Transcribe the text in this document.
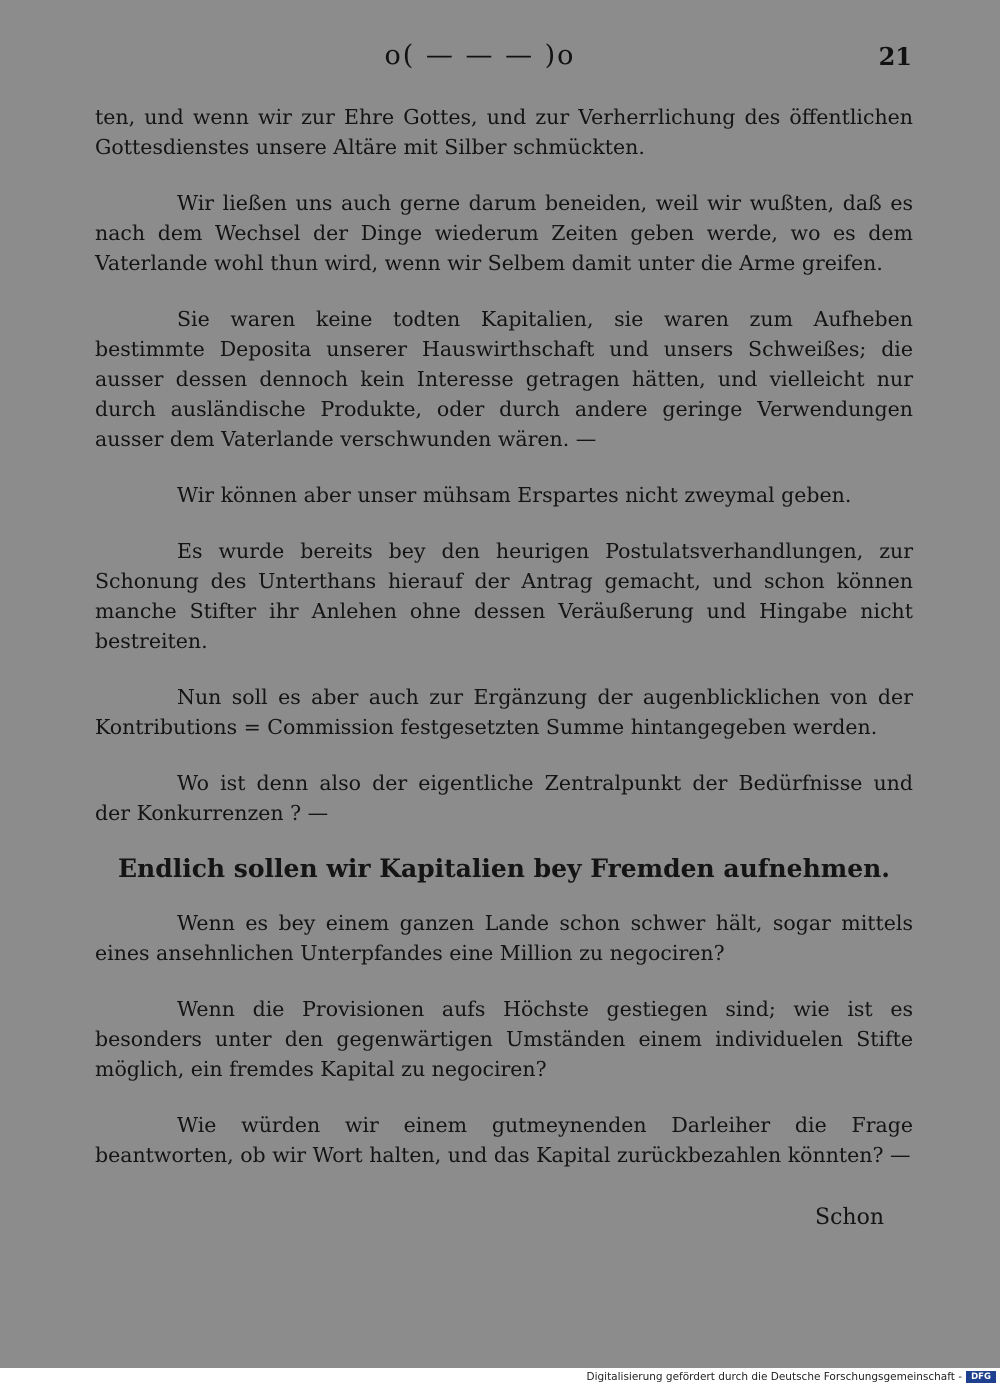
o( — — — )o	21

ten, und wenn wir zur Ehre Gottes, und zur Verherrlichung des öffentlichen Gottesdienstes unsere Altäre mit Silber schmückten.

Wir ließen uns auch gerne darum beneiden, weil wir wußten, daß es nach dem Wechsel der Dinge wiederum Zeiten geben werde, wo es dem Vaterlande wohl thun wird, wenn wir Selbem damit unter die Arme greifen.

Sie waren keine todten Kapitalien, sie waren zum Aufheben bestimmte Deposita unserer Hauswirthschaft und unsers Schweißes; die ausser dessen dennoch kein Interesse getragen hätten, und vielleicht nur durch ausländische Produkte, oder durch andere geringe Verwendungen ausser dem Vaterlande verschwunden wären. —

Wir können aber unser mühsam Erspartes nicht zweymal geben.

Es wurde bereits bey den heurigen Postulatsverhandlungen, zur Schonung des Unterthans hierauf der Antrag gemacht, und schon können manche Stifter ihr Anlehen ohne dessen Veräußerung und Hingabe nicht bestreiten.

Nun soll es aber auch zur Ergänzung der augenblicklichen von der Kontributions = Commission festgesetzten Summe hintangegeben werden.

Wo ist denn also der eigentliche Zentralpunkt der Bedürfnisse und der Konkurrenzen ? —

Endlich sollen wir Kapitalien bey Fremden aufnehmen.

Wenn es bey einem ganzen Lande schon schwer hält, sogar mittels eines ansehnlichen Unterpfandes eine Million zu negociren?

Wenn die Provisionen aufs Höchste gestiegen sind; wie ist es besonders unter den gegenwärtigen Umständen einem individuelen Stifte möglich, ein fremdes Kapital zu negociren?

Wie würden wir einem gutmeynenden Darleiher die Frage beantworten, ob wir Wort halten, und das Kapital zurückbezahlen könnten? —

Schon
Digitalisierung gefördert durch die Deutsche Forschungsgemeinschaft -	DFG
